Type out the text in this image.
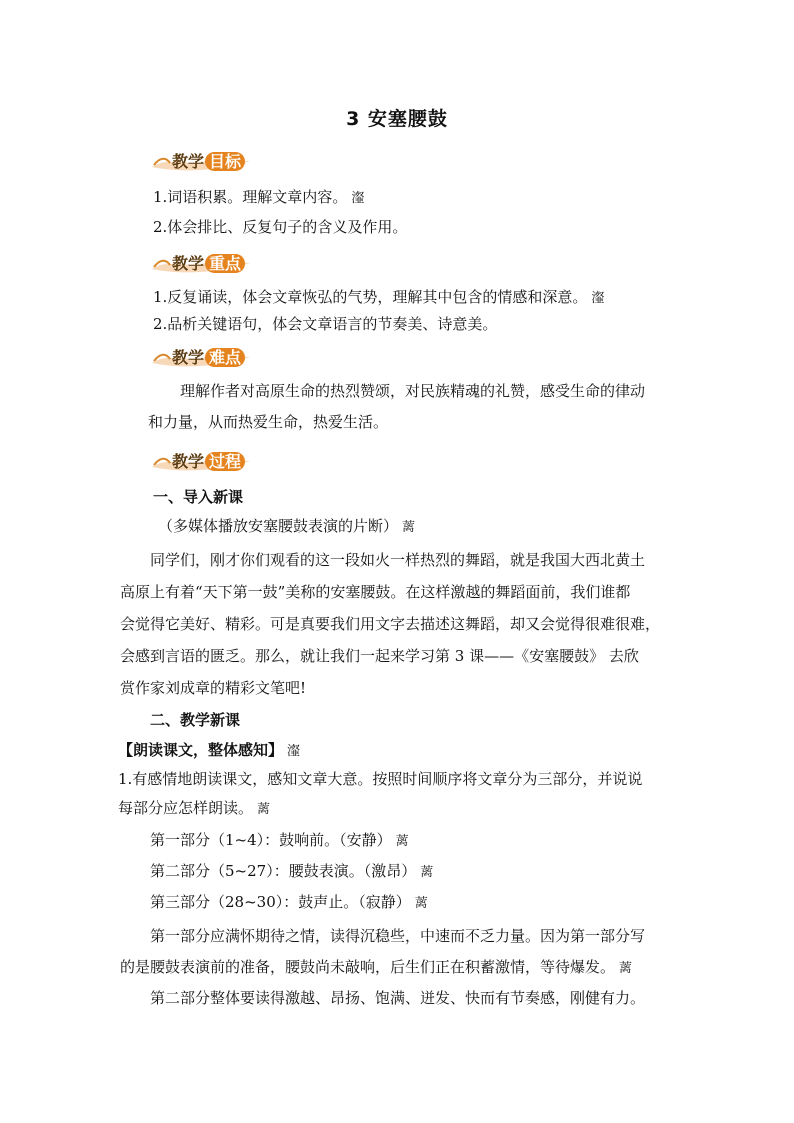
3 安塞腰鼓
教学 目标
1.词语积累。理解文章内容。 瀣
2.体会排比、反复句子的含义及作用。
教学 重点
1.反复诵读，体会文章恢弘的气势，理解其中包含的情感和深意。 瀣
2.品析关键语句，体会文章语言的节奏美、诗意美。
教学 难点
理解作者对高原生命的热烈赞颂，对民族精魂的礼赞，感受生命的律动
和力量，从而热爱生命，热爱生活。
教学 过程
一、导入新课
（多媒体播放安塞腰鼓表演的片断） 蓠
同学们，刚才你们观看的这一段如火一样热烈的舞蹈，就是我国大西北黄土
高原上有着“天下第一鼓”美称的安塞腰鼓。在这样激越的舞蹈面前，我们谁都
会觉得它美好、精彩。可是真要我们用文字去描述这舞蹈，却又会觉得很难很难，
会感到言语的匮乏。那么，就让我们一起来学习第 3 课——《安塞腰鼓》 去欣
赏作家刘成章的精彩文笔吧!
二、教学新课
【朗读课文，整体感知】 瀣
1.有感情地朗读课文，感知文章大意。按照时间顺序将文章分为三部分，并说说
每部分应怎样朗读。 蓠
第一部分（1~4）：鼓响前。（安静） 蓠
第二部分（5~27）：腰鼓表演。（激昂） 蓠
第三部分（28~30）：鼓声止。（寂静） 蓠
第一部分应满怀期待之情，读得沉稳些，中速而不乏力量。因为第一部分写
的是腰鼓表演前的准备，腰鼓尚未敲响，后生们正在积蓄激情，等待爆发。 蓠
第二部分整体要读得激越、昂扬、饱满、迸发、快而有节奏感，刚健有力。
